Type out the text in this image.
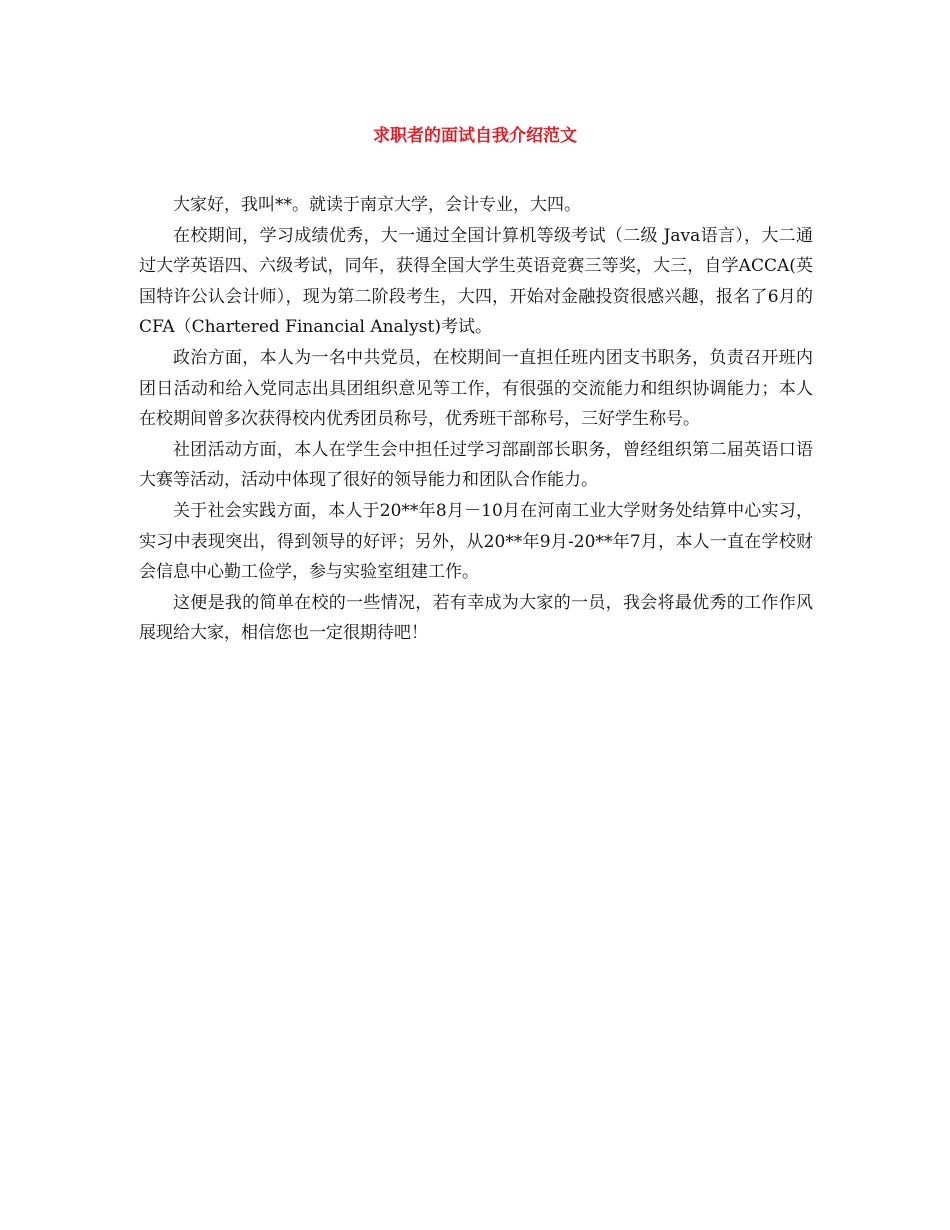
求职者的面试自我介绍范文

大家好，我叫**。就读于南京大学，会计专业，大四。

在校期间，学习成绩优秀，大一通过全国计算机等级考试（二级 Java语言），大二通过大学英语四、六级考试，同年，获得全国大学生英语竞赛三等奖，大三，自学ACCA(英国特许公认会计师），现为第二阶段考生，大四，开始对金融投资很感兴趣，报名了6月的CFA（Chartered Financial Analyst)考试。

政治方面，本人为一名中共党员，在校期间一直担任班内团支书职务，负责召开班内团日活动和给入党同志出具团组织意见等工作，有很强的交流能力和组织协调能力；本人在校期间曾多次获得校内优秀团员称号，优秀班干部称号，三好学生称号。

社团活动方面，本人在学生会中担任过学习部副部长职务，曾经组织第二届英语口语大赛等活动，活动中体现了很好的领导能力和团队合作能力。

关于社会实践方面，本人于20**年8月－10月在河南工业大学财务处结算中心实习，实习中表现突出，得到领导的好评；另外，从20**年9月-20**年7月，本人一直在学校财会信息中心勤工俭学，参与实验室组建工作。

这便是我的简单在校的一些情况，若有幸成为大家的一员，我会将最优秀的工作作风展现给大家，相信您也一定很期待吧！
